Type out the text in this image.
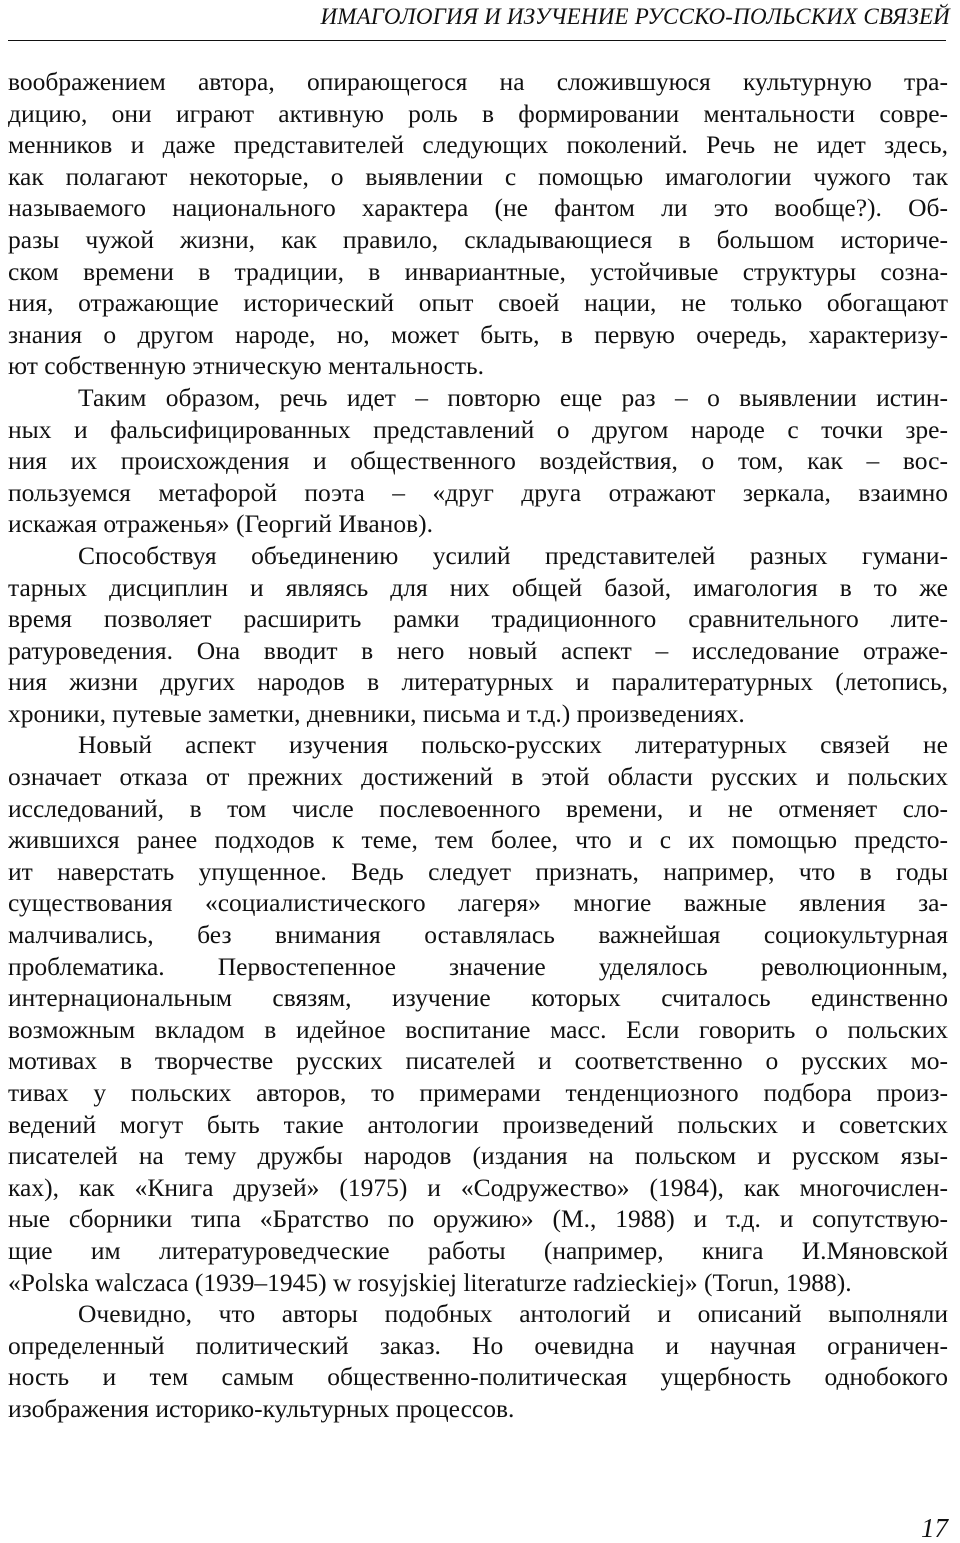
ИМАГОЛОГИЯ И ИЗУЧЕНИЕ РУССКО-ПОЛЬСКИХ СВЯЗЕЙ
воображением автора, опирающегося на сложившуюся культурную тра-
дицию, они играют активную роль в формировании ментальности совре-
менников и даже представителей следующих поколений. Речь не идет здесь,
как полагают некоторые, о выявлении с помощью имагологии чужого так
называемого национального характера (не фантом ли это вообще?). Об-
разы чужой жизни, как правило, складывающиеся в большом историче-
ском времени в традиции, в инвариантные, устойчивые структуры созна-
ния, отражающие исторический опыт своей нации, не только обогащают
знания о другом народе, но, может быть, в первую очередь, характеризу-
ют собственную этническую ментальность.
Таким образом, речь идет – повторю еще раз – о выявлении истин-
ных и фальсифицированных представлений о другом народе с точки зре-
ния их происхождения и общественного воздействия, о том, как – вос-
пользуемся метафорой поэта – «друг друга отражают зеркала, взаимно
искажая отраженья» (Георгий Иванов).
Способствуя объединению усилий представителей разных гумани-
тарных дисциплин и являясь для них общей базой, имагология в то же
время позволяет расширить рамки традиционного сравнительного лите-
ратуроведения. Она вводит в него новый аспект – исследование отраже-
ния жизни других народов в литературных и паралитературных (летопись,
хроники, путевые заметки, дневники, письма и т.д.) произведениях.
Новый аспект изучения польско-русских литературных связей не
означает отказа от прежних достижений в этой области русских и польских
исследований, в том числе послевоенного времени, и не отменяет сло-
жившихся ранее подходов к теме, тем более, что и с их помощью предсто-
ит наверстать упущенное. Ведь следует признать, например, что в годы
существования «социалистического лагеря» многие важные явления за-
малчивались, без внимания оставлялась важнейшая социокультурная
проблематика. Первостепенное значение уделялось революционным,
интернациональным связям, изучение которых считалось единственно
возможным вкладом в идейное воспитание масс. Если говорить о польских
мотивах в творчестве русских писателей и соответственно о русских мо-
тивах у польских авторов, то примерами тенденциозного подбора произ-
ведений могут быть такие антологии произведений польских и советских
писателей на тему дружбы народов (издания на польском и русском язы-
ках), как «Книга друзей» (1975) и «Содружество» (1984), как многочислен-
ные сборники типа «Братство по оружию» (М., 1988) и т.д. и сопутствую-
щие им литературоведческие работы (например, книга И.Мяновской
«Polska walczaca (1939–1945) w rosyjskiej literaturze radzieckiej» (Torun, 1988).
Очевидно, что авторы подобных антологий и описаний выполняли
определенный политический заказ. Но очевидна и научная ограничен-
ность и тем самым общественно-политическая ущербность однобокого
изображения историко-культурных процессов.
17
